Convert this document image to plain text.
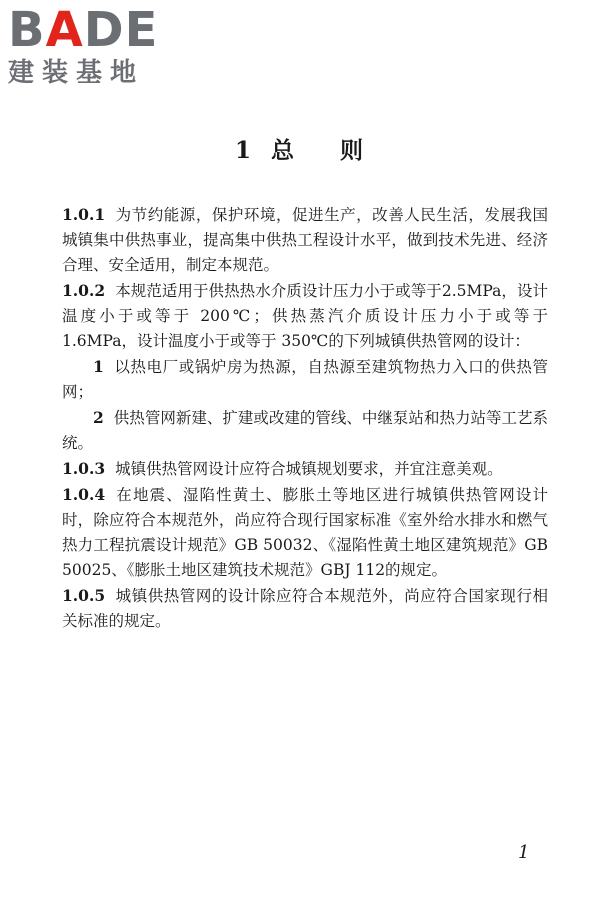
BADE
建装基地
1 总 则

1.0.1 为节约能源，保护环境，促进生产，改善人民生活，发展我国城镇集中供热事业，提高集中供热工程设计水平，做到技术先进、经济合理、安全适用，制定本规范。

1.0.2 本规范适用于供热热水介质设计压力小于或等于2.5MPa，设计温度小于或等于 200℃；供热蒸汽介质设计压力小于或等于 1.6MPa，设计温度小于或等于 350℃的下列城镇供热管网的设计：

1 以热电厂或锅炉房为热源，自热源至建筑物热力入口的供热管网；

2 供热管网新建、扩建或改建的管线、中继泵站和热力站等工艺系统。

1.0.3 城镇供热管网设计应符合城镇规划要求，并宜注意美观。

1.0.4 在地震、湿陷性黄土、膨胀土等地区进行城镇供热管网设计时，除应符合本规范外，尚应符合现行国家标准《室外给水排水和燃气热力工程抗震设计规范》GB 50032、《湿陷性黄土地区建筑规范》GB 50025、《膨胀土地区建筑技术规范》GBJ 112的规定。

1.0.5 城镇供热管网的设计除应符合本规范外，尚应符合国家现行相关标准的规定。

1
